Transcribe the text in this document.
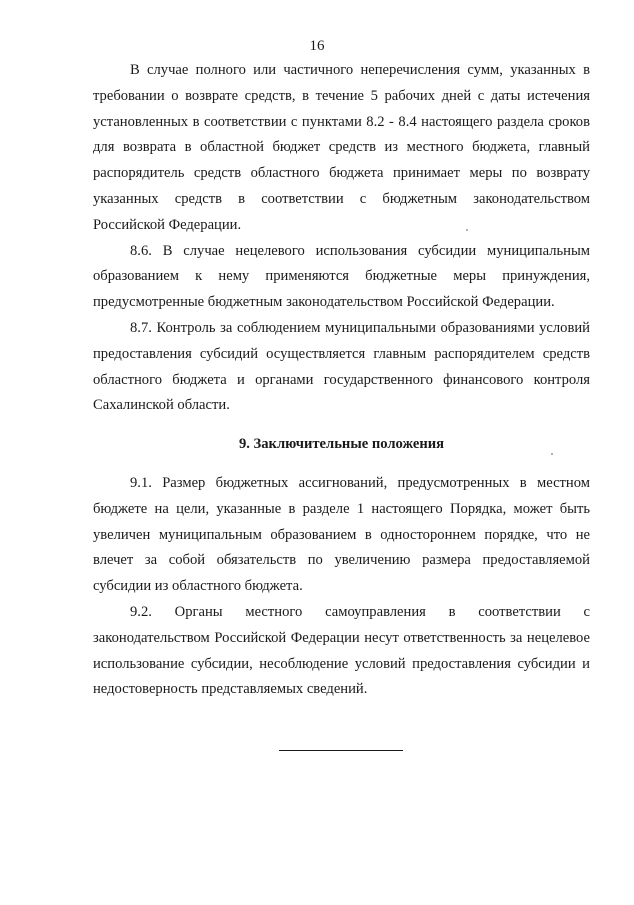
16

В случае полного или частичного неперечисления сумм, указанных в требовании о возврате средств, в течение 5 рабочих дней с даты истечения установленных в соответствии с пунктами 8.2 - 8.4 настоящего раздела сроков для возврата в областной бюджет средств из местного бюджета, главный распорядитель средств областного бюджета принимает меры по возврату указанных средств в соответствии с бюджетным законодательством Российской Федерации.

8.6. В случае нецелевого использования субсидии муниципальным образованием к нему применяются бюджетные меры принуждения, предусмотренные бюджетным законодательством Российской Федерации.

8.7. Контроль за соблюдением муниципальными образованиями условий предоставления субсидий осуществляется главным распорядителем средств областного бюджета и органами государственного финансового контроля Сахалинской области.

9. Заключительные положения

9.1. Размер бюджетных ассигнований, предусмотренных в местном бюджете на цели, указанные в разделе 1 настоящего Порядка, может быть увеличен муниципальным образованием в одностороннем порядке, что не влечет за собой обязательств по увеличению размера предоставляемой субсидии из областного бюджета.

9.2. Органы местного самоуправления в соответствии с законодательством Российской Федерации несут ответственность за нецелевое использование субсидии, несоблюдение условий предоставления субсидии и недостоверность представляемых сведений.
